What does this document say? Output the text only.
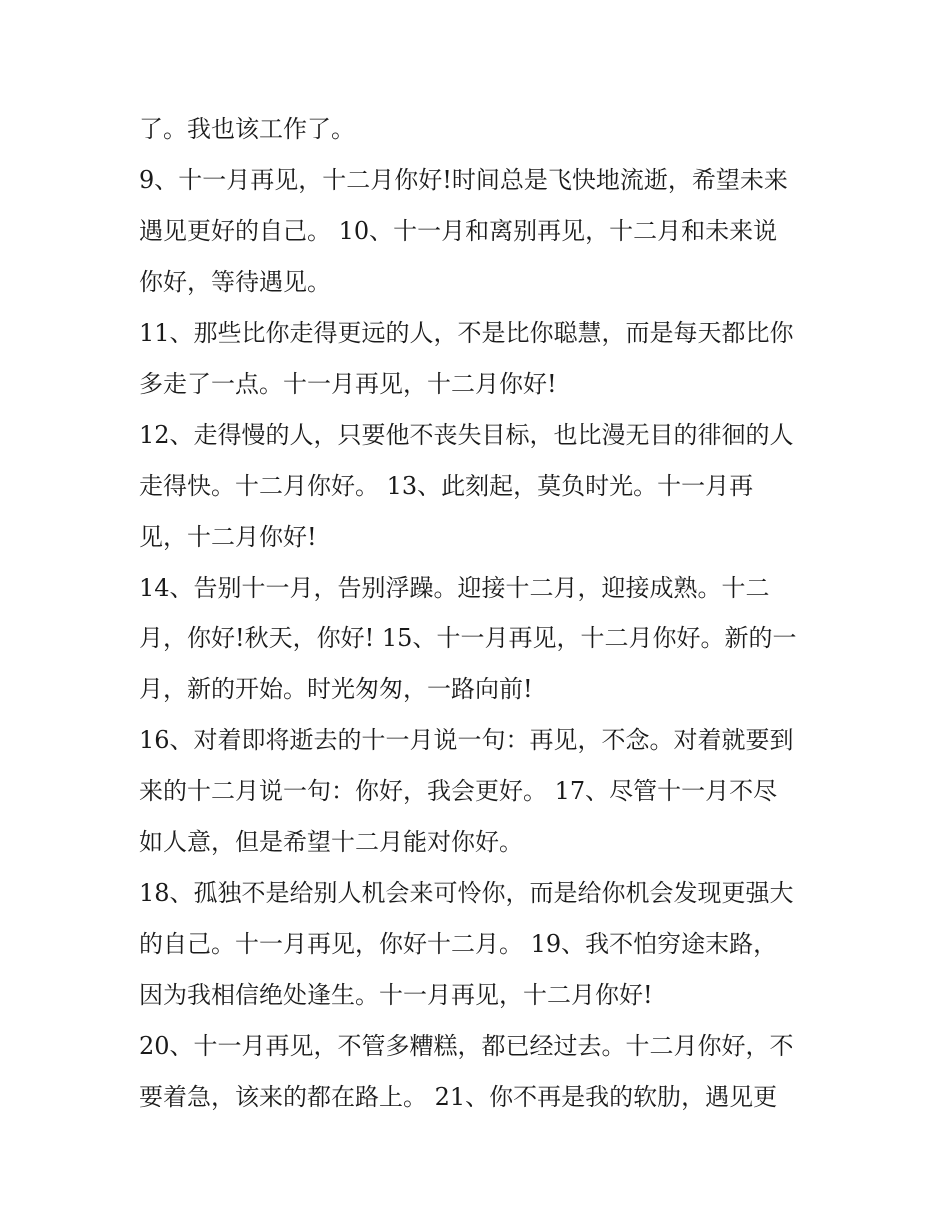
了。我也该工作了。
9、十一月再见，十二月你好!时间总是飞快地流逝，希望未来
遇见更好的自己。 10、十一月和离别再见，十二月和未来说
你好，等待遇见。
11、那些比你走得更远的人，不是比你聪慧，而是每天都比你
多走了一点。十一月再见，十二月你好!
12、走得慢的人，只要他不丧失目标，也比漫无目的徘徊的人
走得快。十二月你好。 13、此刻起，莫负时光。十一月再
见，十二月你好!
14、告别十一月，告别浮躁。迎接十二月，迎接成熟。十二
月，你好!秋天，你好! 15、十一月再见，十二月你好。新的一
月，新的开始。时光匆匆，一路向前!
16、对着即将逝去的十一月说一句：再见，不念。对着就要到
来的十二月说一句：你好，我会更好。 17、尽管十一月不尽
如人意，但是希望十二月能对你好。
18、孤独不是给别人机会来可怜你，而是给你机会发现更强大
的自己。十一月再见，你好十二月。 19、我不怕穷途末路，
因为我相信绝处逢生。十一月再见，十二月你好!
20、十一月再见，不管多糟糕，都已经过去。十二月你好，不
要着急，该来的都在路上。 21、你不再是我的软肋，遇见更
